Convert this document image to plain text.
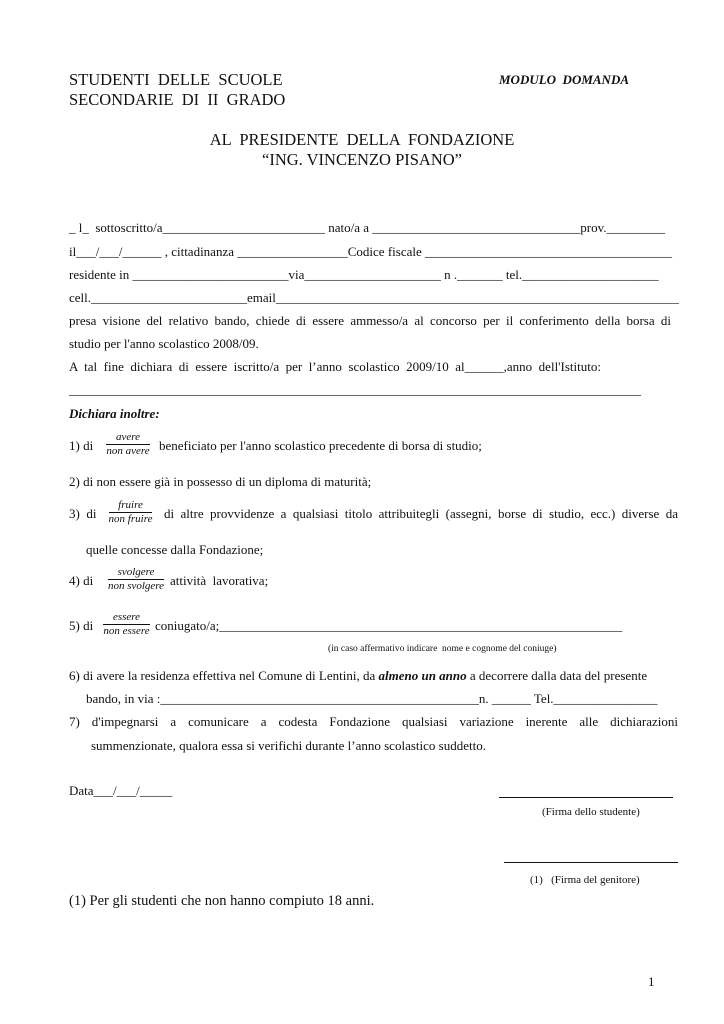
STUDENTI  DELLE  SCUOLE
SECONDARIE  DI  II  GRADO
MODULO  DOMANDA
AL  PRESIDENTE  DELLA  FONDAZIONE
“ING. VINCENZO PISANO”
_ l_  sottoscritto/a_________________________ nato/a a ________________________________prov._________
il___/___/______ , cittadinanza _________________Codice fiscale ______________________________________
residente in ________________________via_____________________ n ._______ tel._____________________
cell.________________________email______________________________________________________________
presa visione del relativo bando, chiede di essere ammesso/a al concorso per il conferimento della borsa di
studio per l'anno scolastico 2008/09.
A  tal  fine  dichiara  di  essere  iscritto/a  per  l’anno  scolastico  2009/10  al______,anno  dell'Istituto:
________________________________________________________________________________________
Dichiara inoltre:
1) di
avere
non avere beneficiato per l'anno scolastico precedente di borsa di studio;
2) di non essere già in possesso di un diploma di maturità;
3)  di
fruire
non fruire di altre provvidenze a qualsiasi titolo attribuitegli (assegni, borse di studio, ecc.) diverse da
quelle concesse dalla Fondazione;
4) di
svolgere
non svolgere attività  lavorativa;
5) di
essere
non essere coniugato/a;______________________________________________________________
(in caso affermativo indicare  nome e cognome del coniuge)
6) di avere la residenza effettiva nel Comune di Lentini, da almeno un anno a decorrere dalla data del presente
bando, in via :_________________________________________________n. ______ Tel.________________
7) d'impegnarsi a comunicare a codesta Fondazione qualsiasi variazione inerente alle dichiarazioni
summenzionate, qualora essa si verifichi durante l’anno scolastico suddetto.
Data___/___/_____
(Firma dello studente)
(1)   (Firma del genitore)
(1) Per gli studenti che non hanno compiuto 18 anni.
1
